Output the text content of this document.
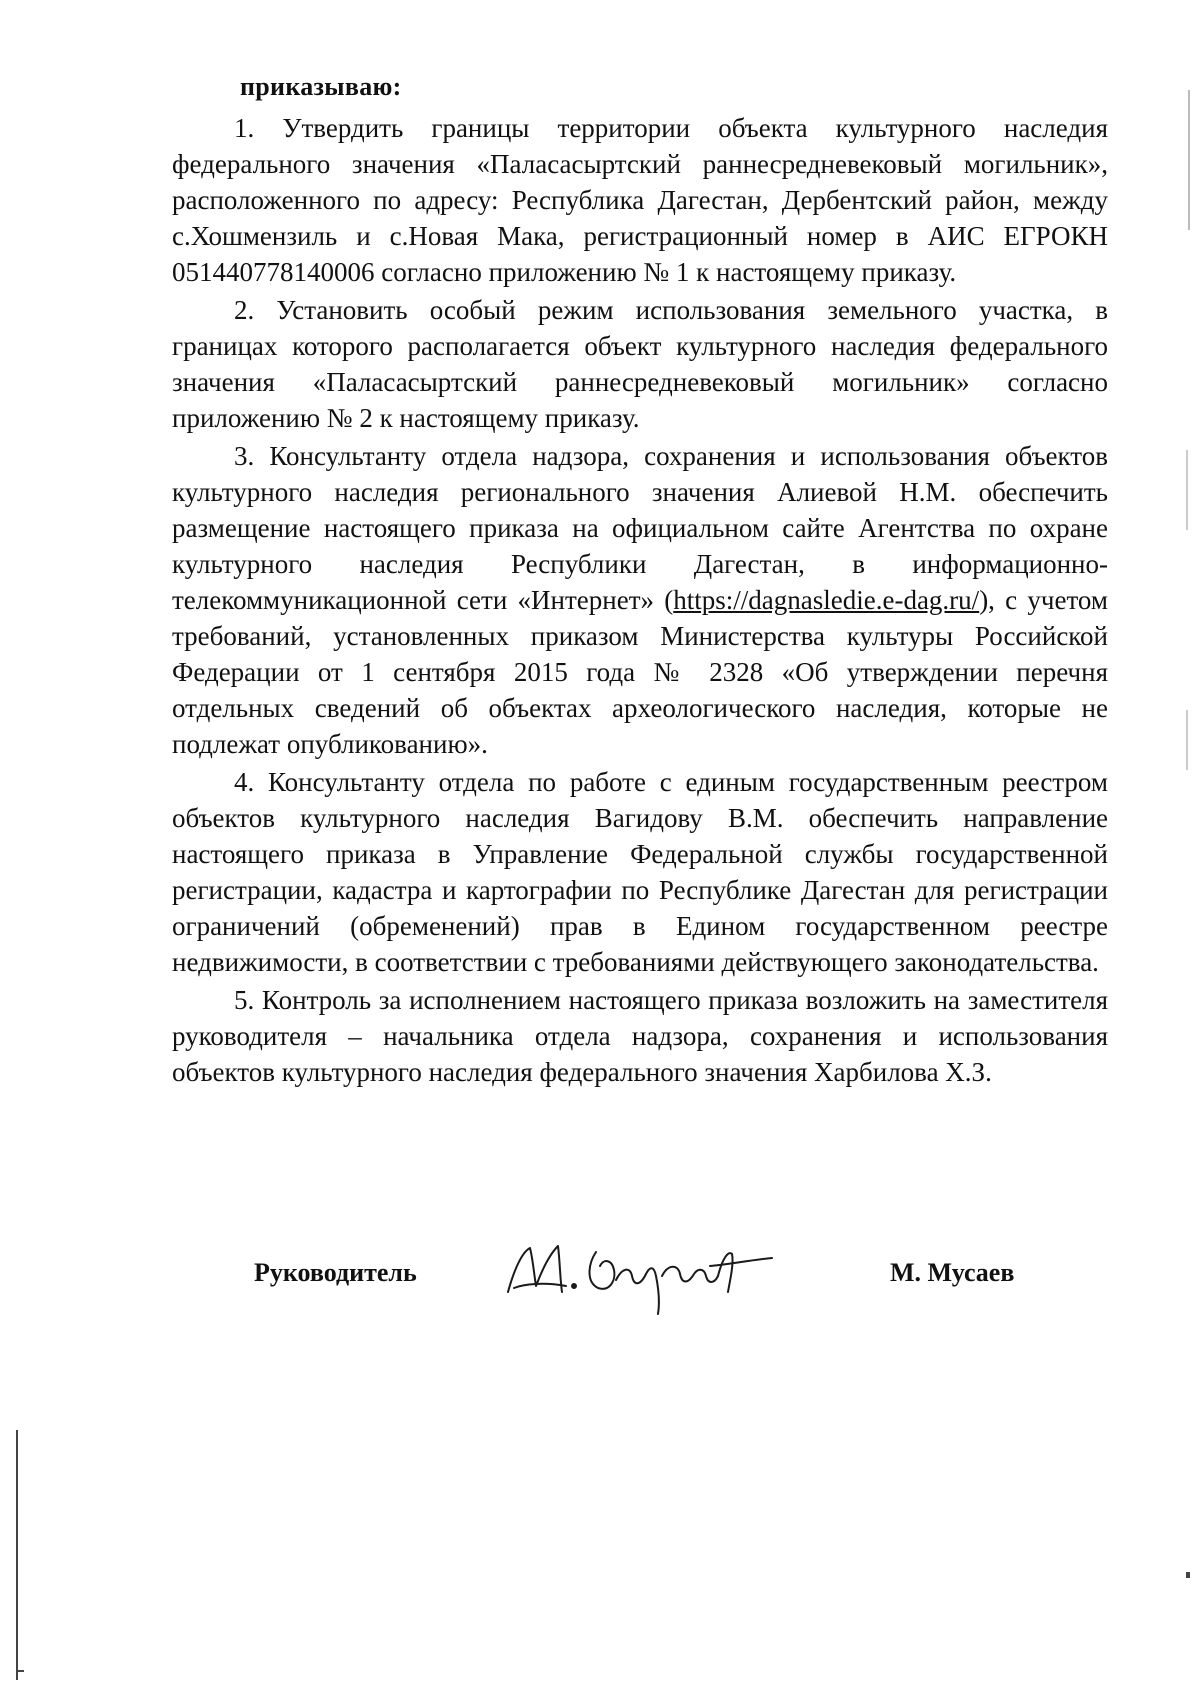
приказываю:

1. Утвердить границы территории объекта культурного наследия федерального значения «Паласасыртский раннесредневековый могильник», расположенного по адресу: Республика Дагестан, Дербентский район, между с.Хошмензиль и с.Новая Мака, регистрационный номер в АИС ЕГРОКН 051440778140006 согласно приложению № 1 к настоящему приказу.

2. Установить особый режим использования земельного участка, в границах которого располагается объект культурного наследия федерального значения «Паласасыртский раннесредневековый могильник» согласно приложению № 2 к настоящему приказу.

3. Консультанту отдела надзора, сохранения и использования объектов культурного наследия регионального значения Алиевой Н.М. обеспечить размещение настоящего приказа на официальном сайте Агентства по охране культурного наследия Республики Дагестан, в информационно-телекоммуникационной сети «Интернет» (https://dagnasledie.e-dag.ru/), с учетом требований, установленных приказом Министерства культуры Российской Федерации от 1 сентября 2015 года № 2328 «Об утверждении перечня отдельных сведений об объектах археологического наследия, которые не подлежат опубликованию».

4. Консультанту отдела по работе с единым государственным реестром объектов культурного наследия Вагидову В.М. обеспечить направление настоящего приказа в Управление Федеральной службы государственной регистрации, кадастра и картографии по Республике Дагестан для регистрации ограничений (обременений) прав в Едином государственном реестре недвижимости, в соответствии с требованиями действующего законодательства.

5. Контроль за исполнением настоящего приказа возложить на заместителя руководителя – начальника отдела надзора, сохранения и использования объектов культурного наследия федерального значения Харбилова Х.З.

Руководитель	М. Мусаев
